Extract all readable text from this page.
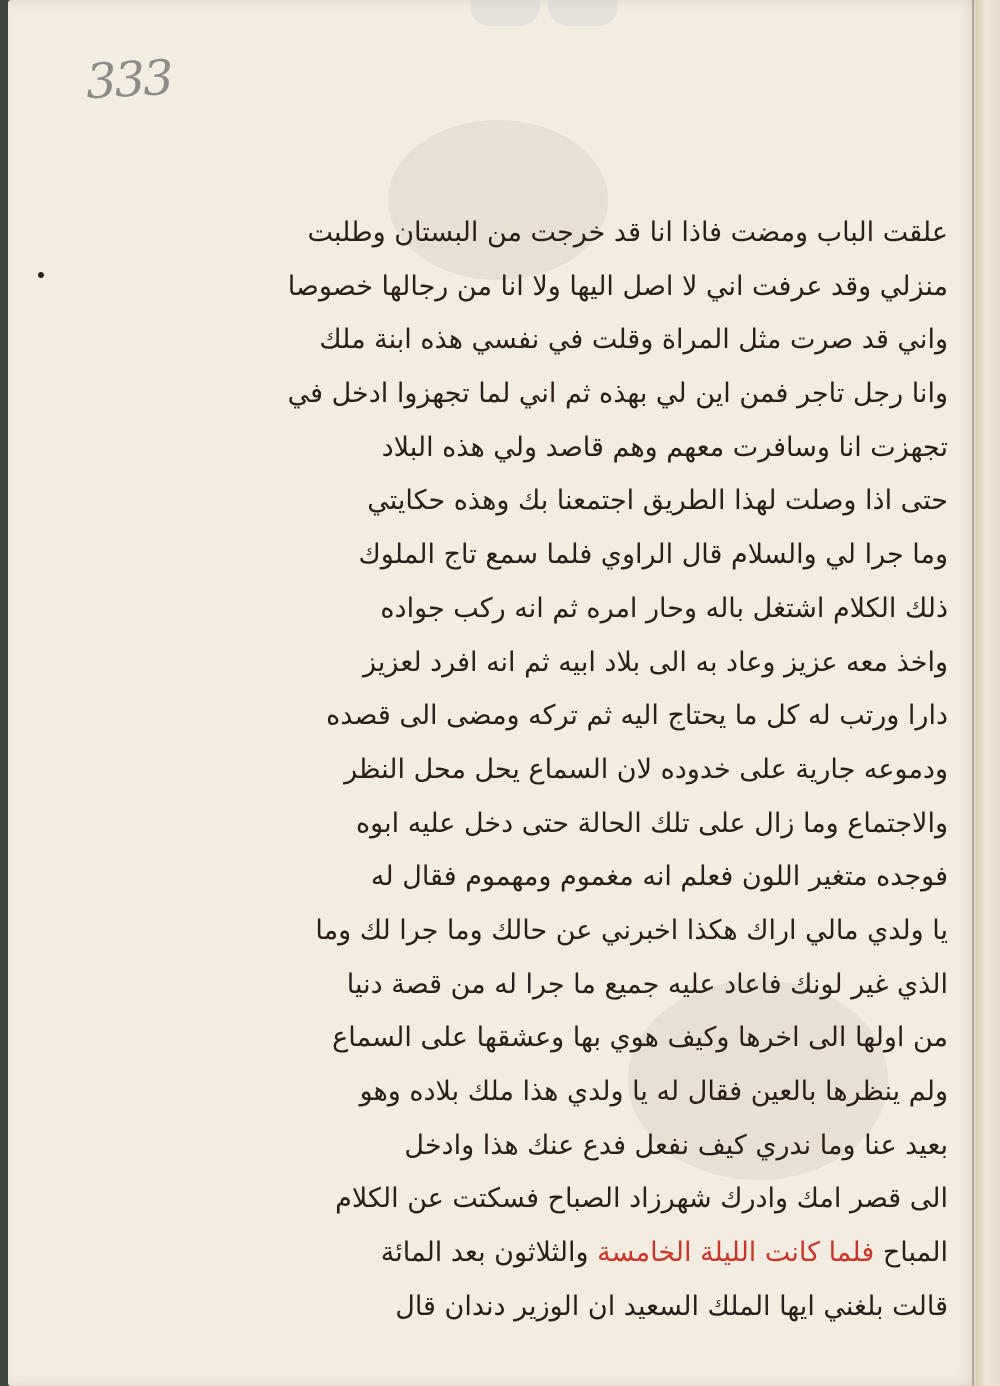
333
علقت الباب ومضت فاذا انا قد خرجت من البستان وطلبت
منزلي وقد عرفت اني لا اصل اليها ولا انا من رجالها خصوصا
واني قد صرت مثل المراة وقلت في نفسي هذه ابنة ملك
وانا رجل تاجر فمن اين لي بهذه ثم اني لما تجهزوا ادخل في
تجهزت انا وسافرت معهم وهم قاصد ولي هذه البلاد
حتى اذا وصلت لهذا الطريق اجتمعنا بك وهذه حكايتي
وما جرا لي والسلام قال الراوي فلما سمع تاج الملوك
ذلك الكلام اشتغل باله وحار امره ثم انه ركب جواده
واخذ معه عزيز وعاد به الى بلاد ابيه ثم انه افرد لعزيز
دارا ورتب له كل ما يحتاج اليه ثم تركه ومضى الى قصده
ودموعه جارية على خدوده لان السماع يحل محل النظر
والاجتماع وما زال على تلك الحالة حتى دخل عليه ابوه
فوجده متغير اللون فعلم انه مغموم ومهموم فقال له
يا ولدي مالي اراك هكذا اخبرني عن حالك وما جرا لك وما
الذي غير لونك فاعاد عليه جميع ما جرا له من قصة دنيا
من اولها الى اخرها وكيف هوي بها وعشقها على السماع
ولم ينظرها بالعين فقال له يا ولدي هذا ملك بلاده وهو
بعيد عنا وما ندري كيف نفعل فدع عنك هذا وادخل
الى قصر امك وادرك شهرزاد الصباح فسكتت عن الكلام
المباح فلما كانت الليلة الخامسة والثلاثون بعد المائة
قالت بلغني ايها الملك السعيد ان الوزير دندان قال
